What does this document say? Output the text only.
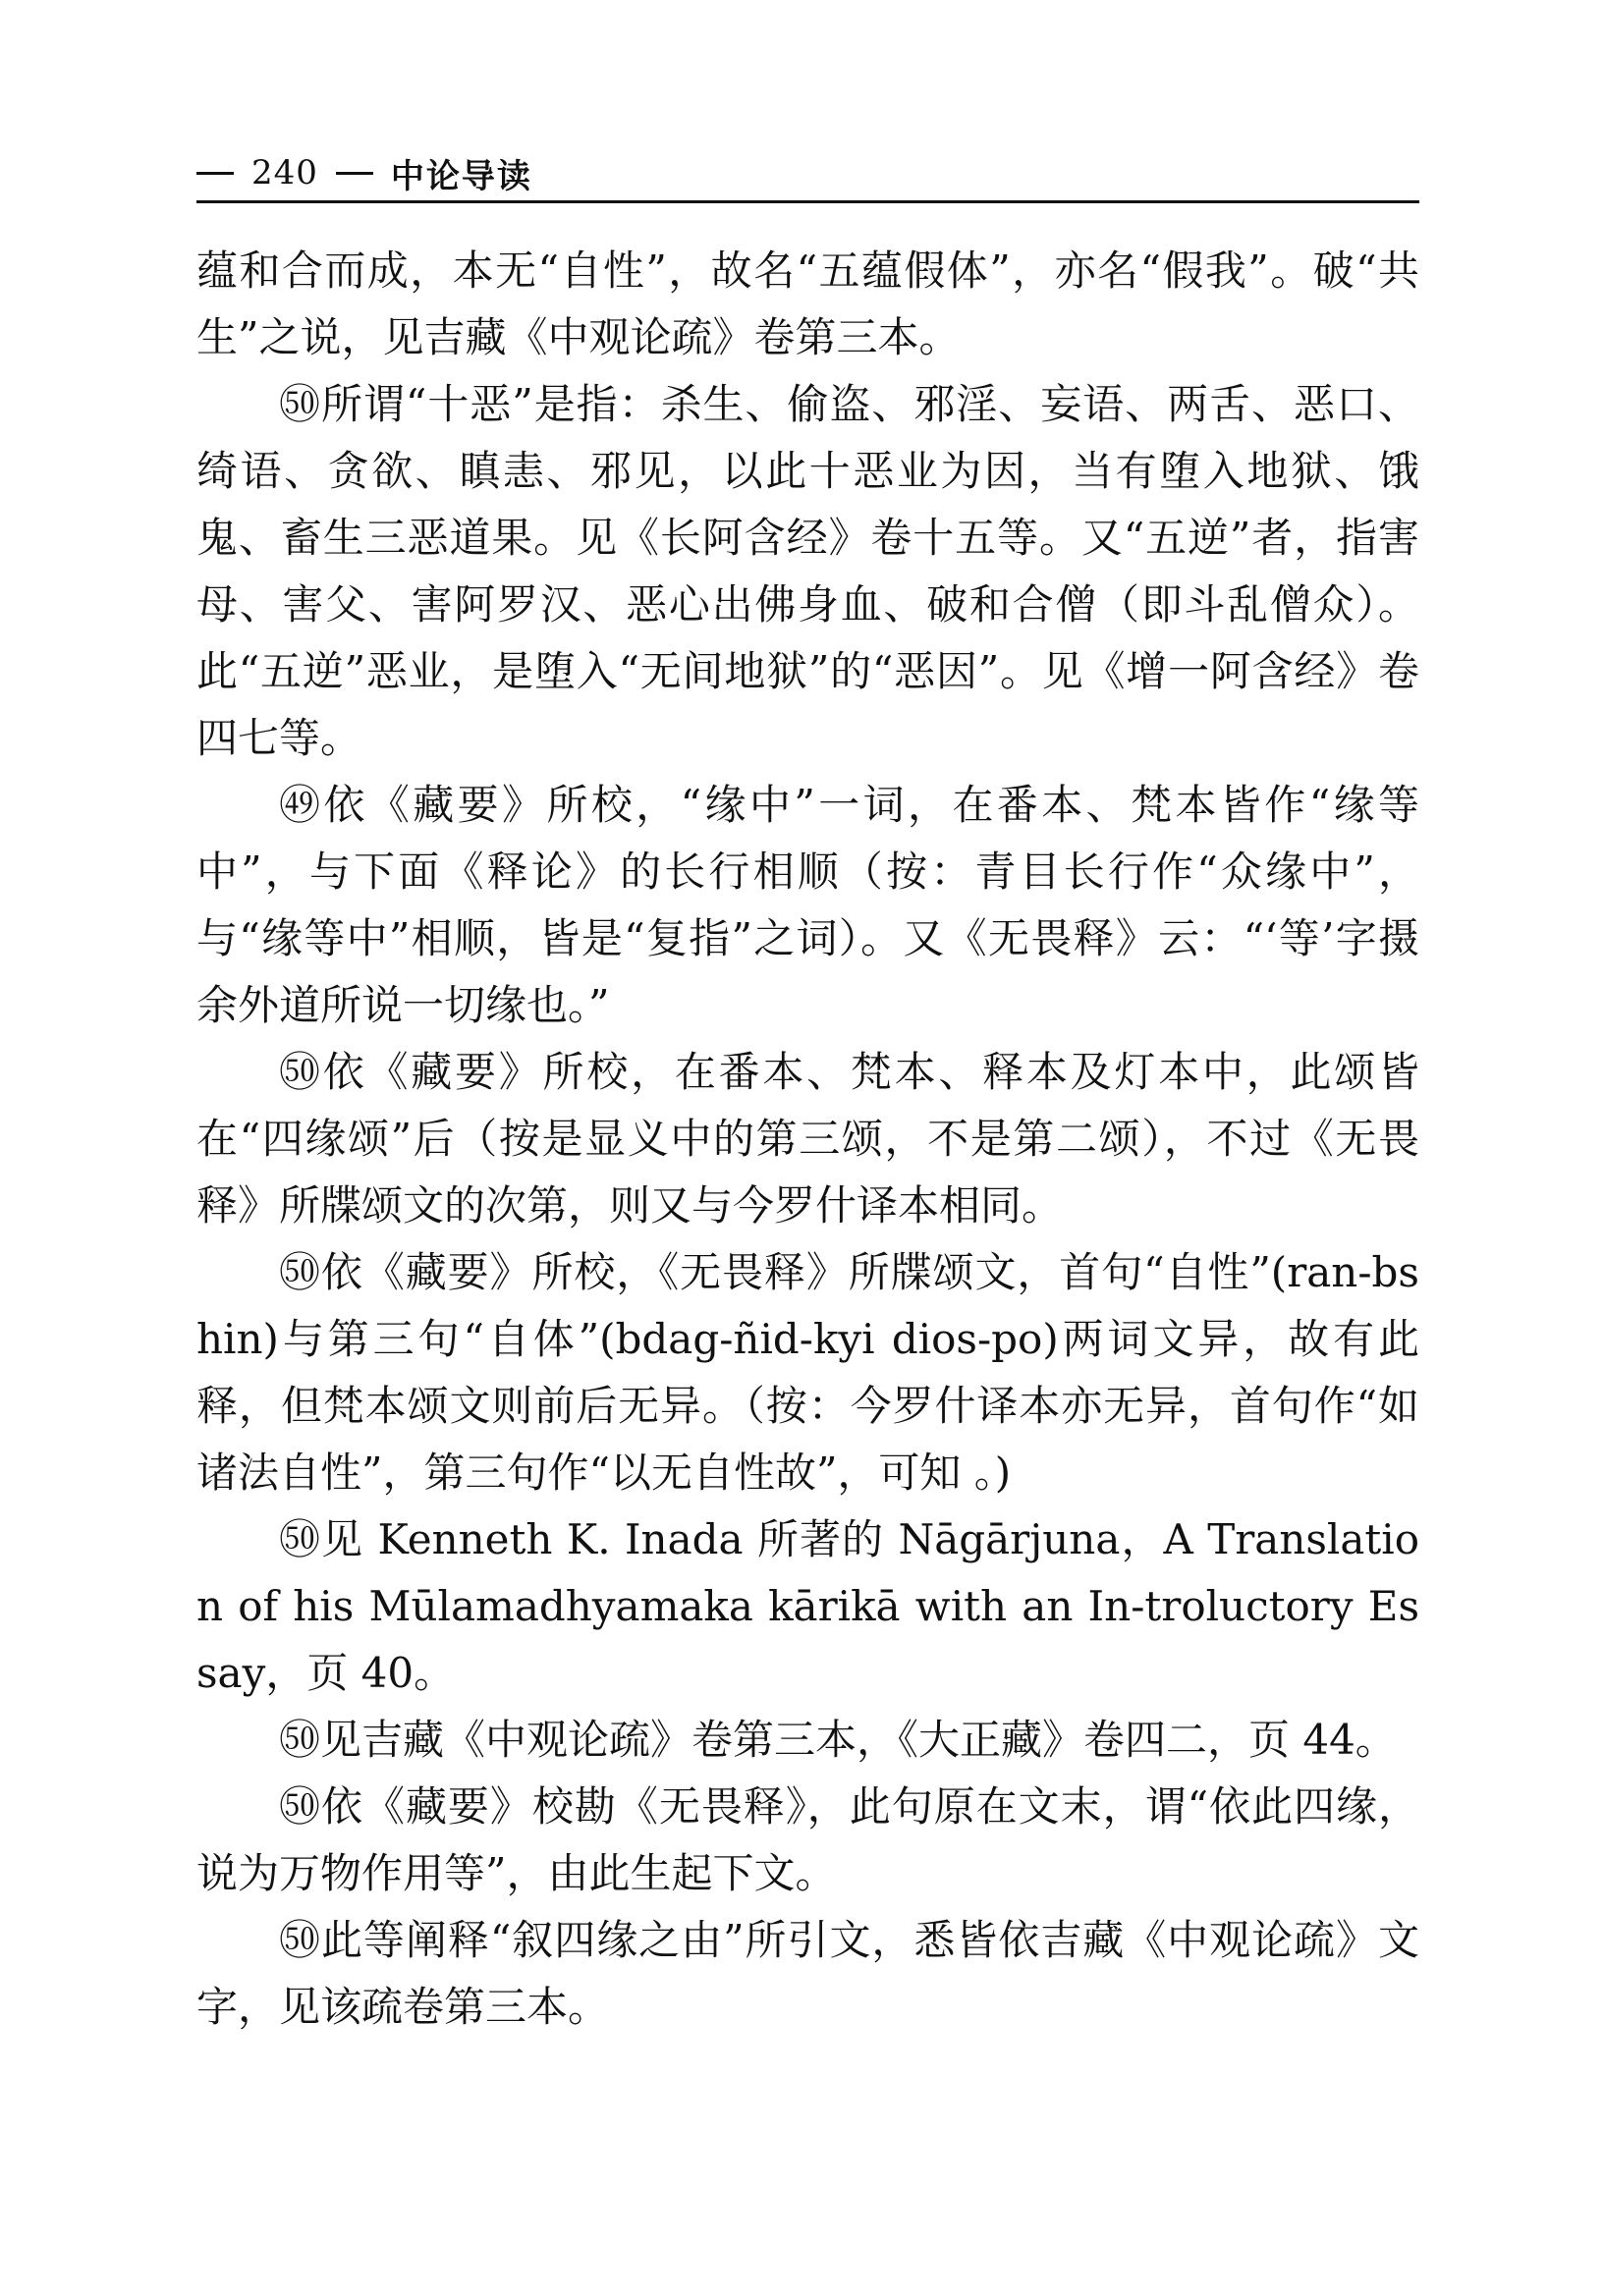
240 中论导读

蕴和合而成，本无“自性”，故名“五蕴假体”，亦名“假我”。破“共生”之说，见吉藏《中观论疏》卷第三本。

㊿所谓“十恶”是指：杀生、偷盗、邪淫、妄语、两舌、恶口、绮语、贪欲、瞋恚、邪见，以此十恶业为因，当有堕入地狱、饿鬼、畜生三恶道果。见《长阿含经》卷十五等。又“五逆”者，指害母、害父、害阿罗汉、恶心出佛身血、破和合僧（即斗乱僧众）。此“五逆”恶业，是堕入“无间地狱”的“恶因”。见《增一阿含经》卷四七等。

㊾依《藏要》所校，“缘中”一词，在番本、梵本皆作“缘等中”，与下面《释论》的长行相顺（按：青目长行作“众缘中”，与“缘等中”相顺，皆是“复指”之词）。又《无畏释》云：“‘等’字摄余外道所说一切缘也。”

㊿依《藏要》所校，在番本、梵本、释本及灯本中，此颂皆在“四缘颂”后（按是显义中的第三颂，不是第二颂），不过《无畏释》所牒颂文的次第，则又与今罗什译本相同。

㊿依《藏要》所校，《无畏释》所牒颂文，首句“自性”(ran-bshin)与第三句“自体”(bdag-ñid-kyi dios-po)两词文异，故有此释，但梵本颂文则前后无异。（按：今罗什译本亦无异，首句作“如诸法自性”，第三句作“以无自性故”，可知 。)

㊿见 Kenneth K. Inada 所著的 Nāgārjuna，A Translation of his Mūlamadhyamaka kārikā with an In-troluctory Essay，页 40。

㊿见吉藏《中观论疏》卷第三本，《大正藏》卷四二，页 44。

㊿依《藏要》校勘《无畏释》，此句原在文末，谓“依此四缘，说为万物作用等”，由此生起下文。

㊿此等阐释“叙四缘之由”所引文，悉皆依吉藏《中观论疏》文字，见该疏卷第三本。
